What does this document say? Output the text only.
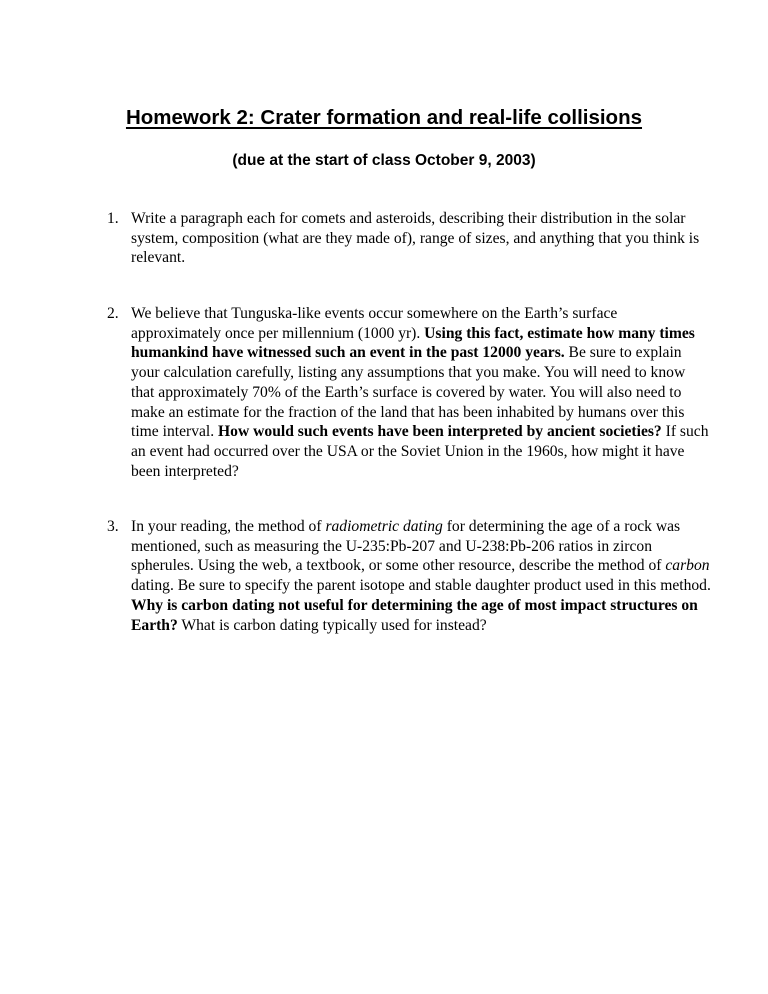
Homework 2: Crater formation and real-life collisions

(due at the start of class October 9, 2003)

1. Write a paragraph each for comets and asteroids, describing their distribution in the solar system, composition (what are they made of), range of sizes, and anything that you think is relevant.

2. We believe that Tunguska-like events occur somewhere on the Earth’s surface approximately once per millennium (1000 yr). Using this fact, estimate how many times humankind have witnessed such an event in the past 12000 years. Be sure to explain your calculation carefully, listing any assumptions that you make. You will need to know that approximately 70% of the Earth’s surface is covered by water. You will also need to make an estimate for the fraction of the land that has been inhabited by humans over this time interval. How would such events have been interpreted by ancient societies? If such an event had occurred over the USA or the Soviet Union in the 1960s, how might it have been interpreted?

3. In your reading, the method of radiometric dating for determining the age of a rock was mentioned, such as measuring the U-235:Pb-207 and U-238:Pb-206 ratios in zircon spherules. Using the web, a textbook, or some other resource, describe the method of carbon dating. Be sure to specify the parent isotope and stable daughter product used in this method. Why is carbon dating not useful for determining the age of most impact structures on Earth? What is carbon dating typically used for instead?
